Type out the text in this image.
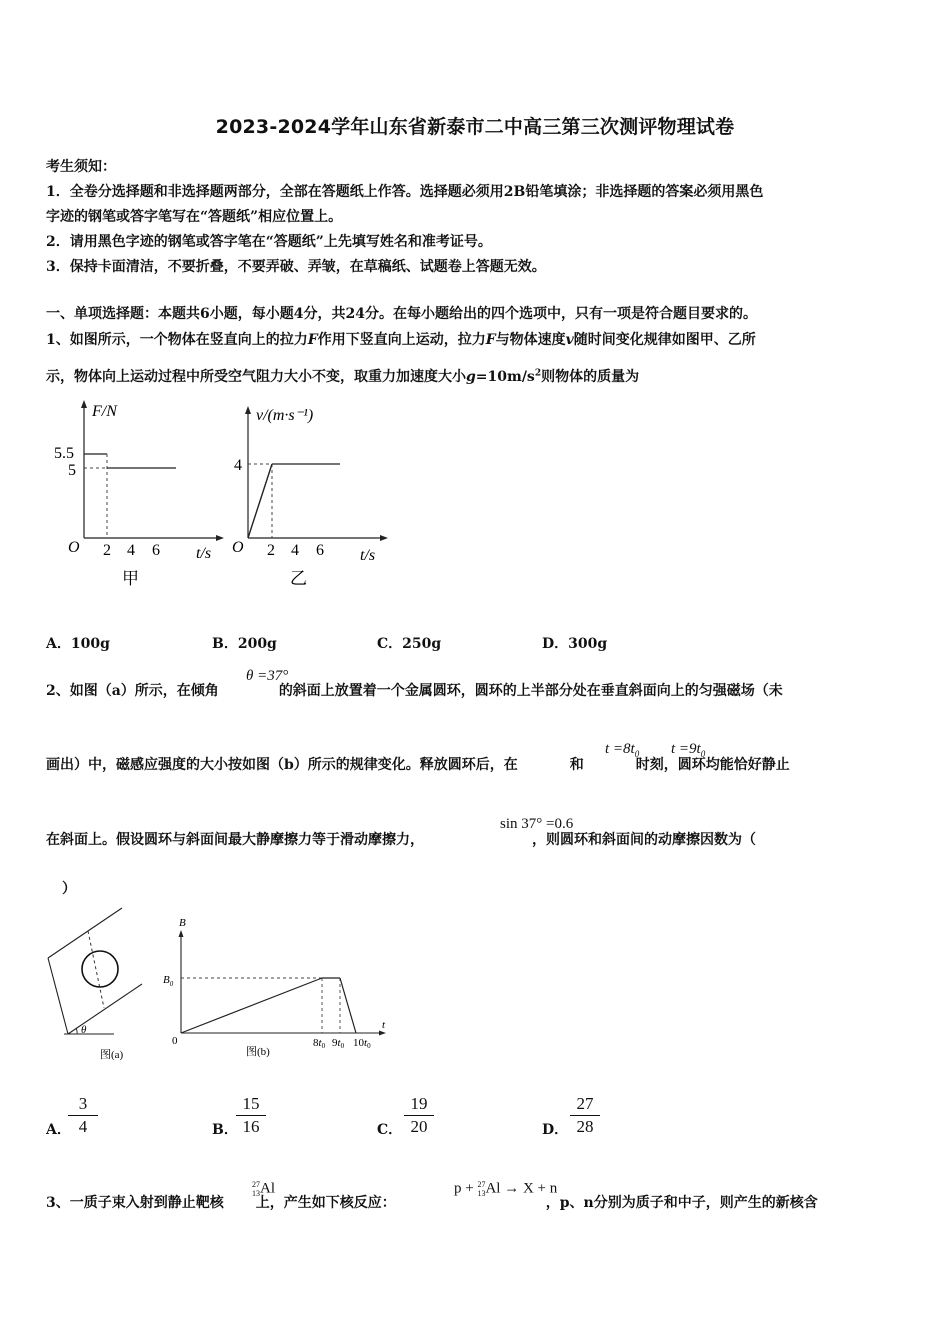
2023-2024学年山东省新泰市二中高三第三次测评物理试卷
考生须知：
1．全卷分选择题和非选择题两部分，全部在答题纸上作答。选择题必须用2B铅笔填涂；非选择题的答案必须用黑色
字迹的钢笔或答字笔写在“答题纸”相应位置上。
2．请用黑色字迹的钢笔或答字笔在“答题纸”上先填写姓名和准考证号。
3．保持卡面清洁，不要折叠，不要弄破、弄皱，在草稿纸、试题卷上答题无效。
一、单项选择题：本题共6小题，每小题4分，共24分。在每小题给出的四个选项中，只有一项是符合题目要求的。
1、如图所示，一个物体在竖直向上的拉力F作用下竖直向上运动，拉力F与物体速度v随时间变化规律如图甲、乙所
示，物体向上运动过程中所受空气阻力大小不变，取重力加速度大小$g=10m/s^2$则物体的质量为
F/N
5.5
5
O 2 4 6 t/s
甲
v/(m·s⁻¹)
4
O 2 4 6 t/s
乙
A．100g	B．200g	C．250g	D．300g
2、如图（a）所示，在倾角	的斜面上放置着一个金属圆环，圆环的上半部分处在垂直斜面向上的匀强磁场（未
θ =37°
画出）中，磁感应强度的大小按如图（b）所示的规律变化。释放圆环后，在	和	时刻，圆环均能恰好静止
$t =8t_0$ $t =9t_0$
在斜面上。假设圆环与斜面间最大静摩擦力等于滑动摩擦力，	，则圆环和斜面间的动摩擦因数为（
sin 37° =0.6
）
θ
图(a)
B
$B_0$
0
t
8t0 9t0 10t0
图(b)
A．
$\frac{3}{4}$	B．
$\frac{15}{16}$	C． $\frac{19}{20}$	D． $\frac{27}{28}$
3、一质子束入射到静止靶核 上，产生如下核反应：	，p、n分别为质子和中子，则产生的新核含
27
13Al	p + 27
13Al → X + n
